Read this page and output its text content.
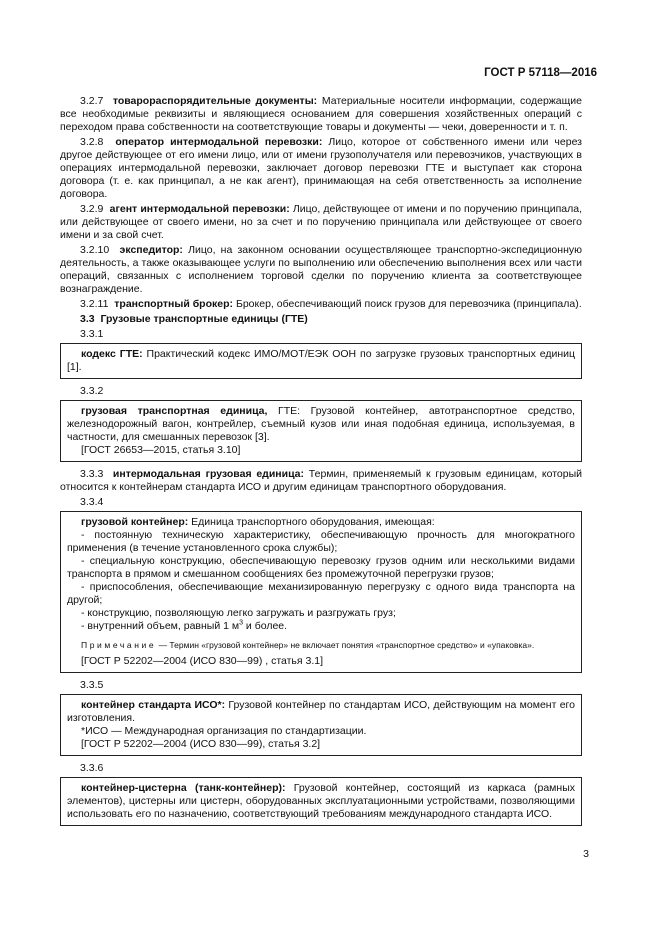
ГОСТ Р 57118—2016

3.2.7 товарораспорядительные документы: Материальные носители информации, содержащие все необходимые реквизиты и являющиеся основанием для совершения хозяйственных операций с переходом права собственности на соответствующие товары и документы — чеки, доверенности и т. п.

3.2.8 оператор интермодальной перевозки: Лицо, которое от собственного имени или через другое действующее от его имени лицо, или от имени грузополучателя или перевозчиков, участвующих в операциях интермодальной перевозки, заключает договор перевозки ГТЕ и выступает как сторона договора (т. е. как принципал, а не как агент), принимающая на себя ответственность за исполнение договора.

3.2.9 агент интермодальной перевозки: Лицо, действующее от имени и по поручению принципала, или действующее от своего имени, но за счет и по поручению принципала или действующее от своего имени и за свой счет.

3.2.10 экспедитор: Лицо, на законном основании осуществляющее транспортно-экспедиционную деятельность, а также оказывающее услуги по выполнению или обеспечению выполнения всех или части операций, связанных с исполнением торговой сделки по поручению клиента за соответствующее вознаграждение.

3.2.11 транспортный брокер: Брокер, обеспечивающий поиск грузов для перевозчика (принципала).

3.3 Грузовые транспортные единицы (ГТЕ)

3.3.1

кодекс ГТЕ: Практический кодекс ИМО/МОТ/ЕЭК ООН по загрузке грузовых транспортных единиц [1].

3.3.2

грузовая транспортная единица, ГТЕ: Грузовой контейнер, автотранспортное средство, железнодорожный вагон, контрейлер, съемный кузов или иная подобная единица, используемая, в частности, для смешанных перевозок [3].

[ГОСТ 26653—2015, статья 3.10]

3.3.3 интермодальная грузовая единица: Термин, применяемый к грузовым единицам, который относится к контейнерам стандарта ИСО и другим единицам транспортного оборудования.

3.3.4

грузовой контейнер: Единица транспортного оборудования, имеющая:

- постоянную техническую характеристику, обеспечивающую прочность для многократного применения (в течение установленного срока службы);

- специальную конструкцию, обеспечивающую перевозку грузов одним или несколькими видами транспорта в прямом и смешанном сообщениях без промежуточной перегрузки грузов;

- приспособления, обеспечивающие механизированную перегрузку с одного вида транспорта на другой;

- конструкцию, позволяющую легко загружать и разгружать груз;

- внутренний объем, равный 1 $м^3$ и более.

Примечание — Термин «грузовой контейнер» не включает понятия «транспортное средство» и «упаковка».

[ГОСТ Р 52202—2004 (ИСО 830—99) , статья 3.1]

3.3.5

контейнер стандарта ИСО*: Грузовой контейнер по стандартам ИСО, действующим на момент его изготовления.

*ИСО — Международная организация по стандартизации.

[ГОСТ Р 52202—2004 (ИСО 830—99), статья 3.2]

3.3.6

контейнер-цистерна (танк-контейнер): Грузовой контейнер, состоящий из каркаса (рамных элементов), цистерны или цистерн, оборудованных эксплуатационными устройствами, позволяющими использовать его по назначению, соответствующий требованиям международного стандарта ИСО.

3
